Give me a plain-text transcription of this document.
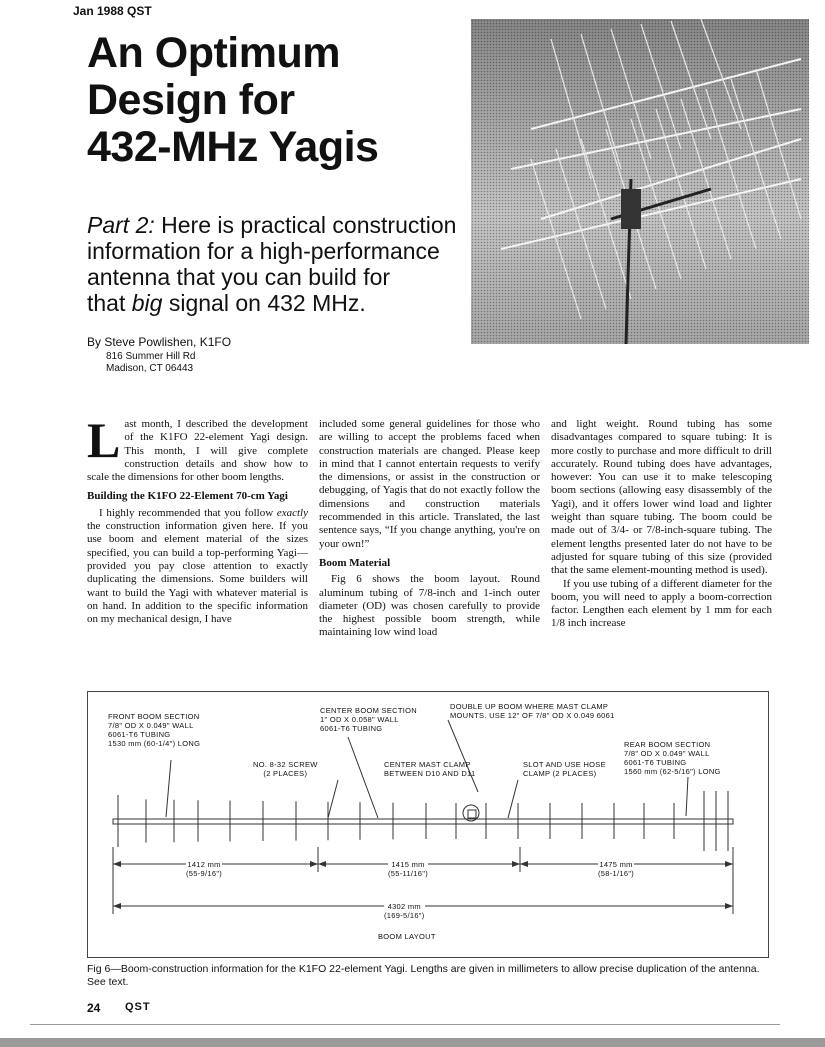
Jan 1988 QST
An Optimum
Design for
432-MHz Yagis
Part 2: Here is practical construction
information for a high-performance
antenna that you can build for
that big signal on 432 MHz.
By Steve Powlishen, K1FO
816 Summer Hill Rd
Madison, CT 06443

Last month, I described the development of the K1FO 22-element Yagi design. This month, I will give complete construction details and show how to scale the dimensions for other boom lengths.

Building the K1FO 22-Element 70-cm Yagi

I highly recommended that you follow exactly the construction information given here. If you use boom and element material of the sizes specified, you can build a top-performing Yagi—provided you pay close attention to exactly duplicating the dimensions. Some builders will want to build the Yagi with whatever material is on hand. In addition to the specific information on my mechanical design, I have

included some general guidelines for those who are willing to accept the problems faced when construction materials are changed. Please keep in mind that I cannot entertain requests to verify the dimensions, or assist in the construction or debugging, of Yagis that do not exactly follow the dimensions and construction materials recommended in this article. Translated, the last sentence says, “If you change anything, you're on your own!”

Boom Material

Fig 6 shows the boom layout. Round aluminum tubing of 7/8-inch and 1-inch outer diameter (OD) was chosen carefully to provide the highest possible boom strength, while maintaining low wind load

and light weight. Round tubing has some disadvantages compared to square tubing: It is more costly to purchase and more difficult to drill accurately. Round tubing does have advantages, however: You can use it to make telescoping boom sections (allowing easy disassembly of the Yagi), and it offers lower wind load and lighter weight than square tubing. The boom could be made out of 3/4- or 7/8-inch-square tubing. The element lengths presented later do not have to be adjusted for square tubing of this size (provided that the same element-mounting method is used).

If you use tubing of a different diameter for the boom, you will need to apply a boom-correction factor. Lengthen each element by 1 mm for each 1/8 inch increase

FRONT BOOM SECTION
7/8" OD X 0.049" WALL
6061-T6 TUBING
1530 mm (60-1/4") LONG
CENTER BOOM SECTION
1" OD X 0.058" WALL
6061-T6 TUBING
DOUBLE UP BOOM WHERE MAST CLAMP
MOUNTS. USE 12" OF 7/8" OD X 0.049 6061
REAR BOOM SECTION
7/8" OD X 0.049" WALL
6061-T6 TUBING
1560 mm (62-5/16") LONG
NO. 8-32 SCREW
(2 PLACES)
CENTER MAST CLAMP
BETWEEN D10 AND D11
SLOT AND USE HOSE
CLAMP (2 PLACES)
1412 mm
(55-9/16")
1415 mm
(55-11/16")
1475 mm
(58-1/16")
4302 mm
(169-5/16")
BOOM LAYOUT
Fig 6—Boom-construction information for the K1FO 22-element Yagi. Lengths are given in millimeters to allow precise duplication of the antenna. See text.
24 QST
